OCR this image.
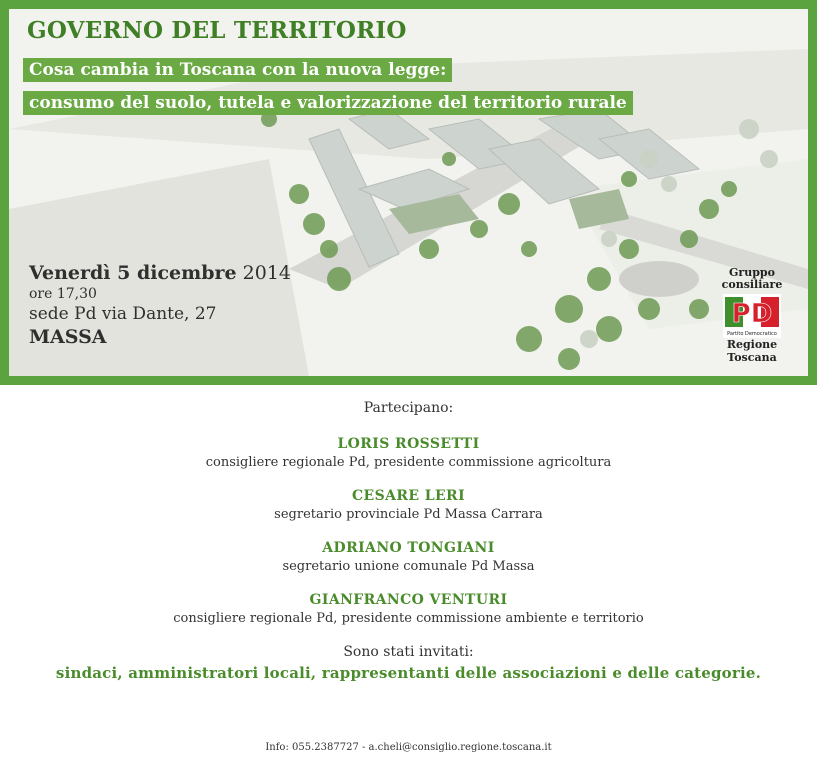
GOVERNO DEL TERRITORIO
Cosa cambia in Toscana con la nuova legge:
consumo del suolo, tutela e valorizzazione del territorio rurale
Venerdì 5 dicembre 2014
ore 17,30
sede Pd via Dante, 27
MASSA
Gruppo
consiliare
PD
Partito Democratico
Regione
Toscana

Partecipano:

LORIS ROSSETTI
consigliere regionale Pd, presidente commissione agricoltura
CESARE LERI
segretario provinciale Pd Massa Carrara
ADRIANO TONGIANI
segretario unione comunale Pd Massa
GIANFRANCO VENTURI
consigliere regionale Pd, presidente commissione ambiente e territorio
Sono stati invitati:
sindaci, amministratori locali, rappresentanti delle associazioni e delle categorie.
Info: 055.2387727 - a.cheli@consiglio.regione.toscana.it
